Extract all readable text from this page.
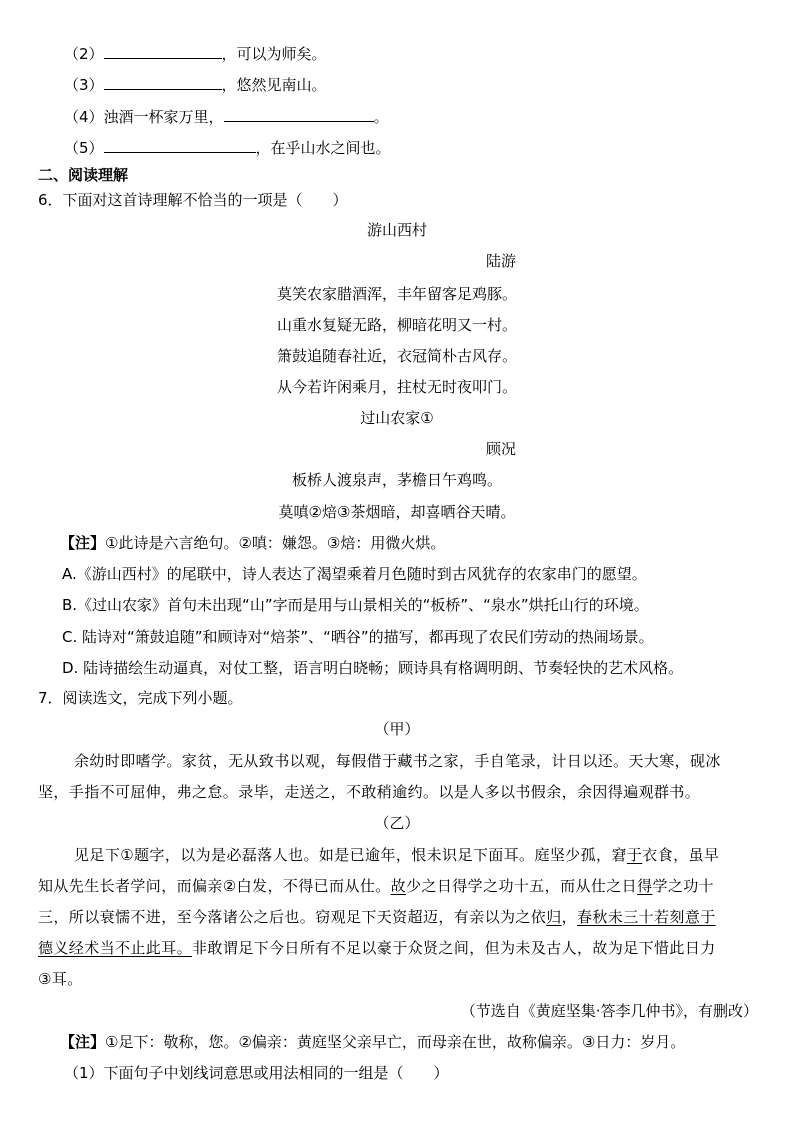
（2）	，可以为师矣。
（3）	，悠然见南山。
（4）浊酒一杯家万里，	。
（5）	，在乎山水之间也。
二、阅读理解
6．下面对这首诗理解不恰当的一项是（　　）
游山西村
陆游
莫笑农家腊酒浑，丰年留客足鸡豚。
山重水复疑无路，柳暗花明又一村。
箫鼓追随春社近，衣冠简朴古风存。
从今若许闲乘月，拄杖无时夜叩门。
过山农家①
顾况
板桥人渡泉声，茅檐日午鸡鸣。
莫嗔②焙③茶烟暗，却喜晒谷天晴。
【注】①此诗是六言绝句。②嗔：嫌怨。③焙：用微火烘。
A.《游山西村》的尾联中，诗人表达了渴望乘着月色随时到古风犹存的农家串门的愿望。
B.《过山农家》首句未出现“山”字而是用与山景相关的“板桥”、“泉水”烘托山行的环境。
C. 陆诗对“箫鼓追随”和顾诗对“焙茶”、“晒谷”的描写，都再现了农民们劳动的热闹场景。
D. 陆诗描绘生动逼真，对仗工整，语言明白晓畅；顾诗具有格调明朗、节奏轻快的艺术风格。
7．阅读选文，完成下列小题。
（甲）
余幼时即嗜学。家贫，无从致书以观，每假借于藏书之家，手自笔录，计日以还。天大寒，砚冰
坚，手指不可屈伸，弗之怠。录毕，走送之，不敢稍逾约。以是人多以书假余，余因得遍观群书。
（乙）
见足下①题字，以为是必磊落人也。如是已逾年，恨未识足下面耳。庭坚少孤，窘于衣食，虽早
知从先生长者学问，而偏亲②白发，不得已而从仕。故少之日得学之功十五，而从仕之日得学之功十
三，所以衰懦不进，至今落诸公之后也。窃观足下天资超迈，有亲以为之依归，春秋未三十若刻意于
德义经术当不止此耳。非敢谓足下今日所有不足以豪于众贤之间，但为未及古人，故为足下惜此日力
③耳。
（节选自《黄庭坚集·答李几仲书》，有删改）
【注】①足下：敬称，您。②偏亲：黄庭坚父亲早亡，而母亲在世，故称偏亲。③日力：岁月。
（1）下面句子中划线词意思或用法相同的一组是（　　）
